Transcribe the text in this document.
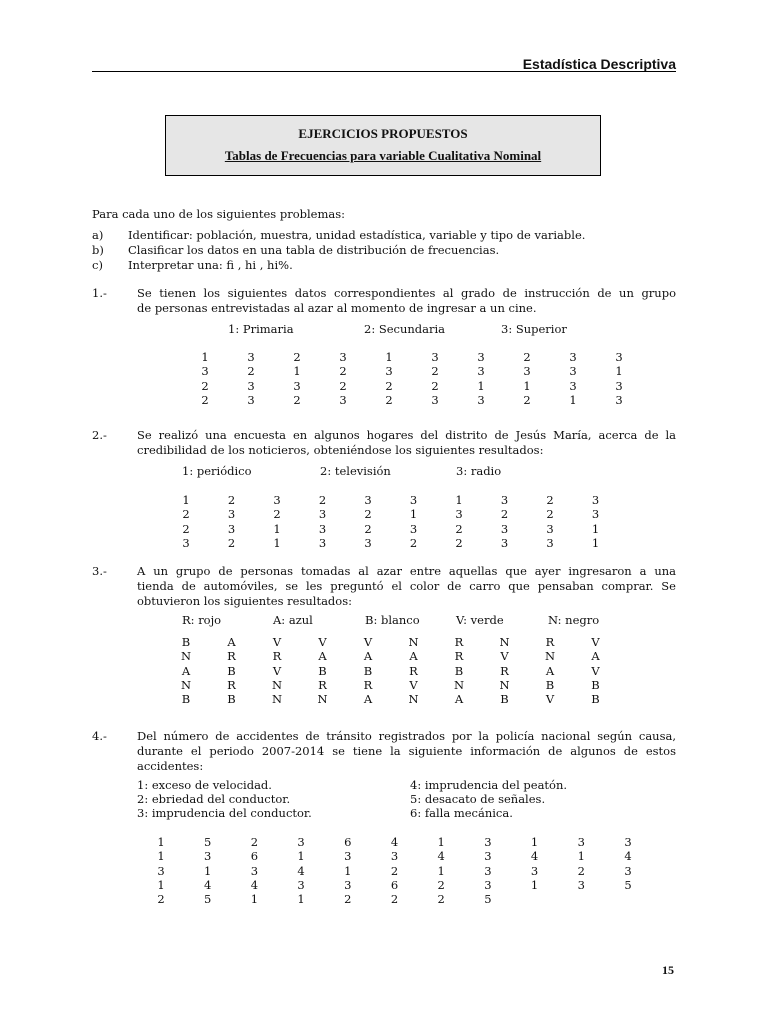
Estadística Descriptiva
EJERCICIOS PROPUESTOS
Tablas de Frecuencias para variable Cualitativa Nominal
Para cada uno de los siguientes problemas:
a) Identificar: población, muestra, unidad estadística, variable y tipo de variable.
b) Clasificar los datos en una tabla de distribución de frecuencias.
c) Interpretar una: fi , hi , hi%.
1.-	Se tienen los siguientes datos correspondientes al grado de instrucción de un grupo
de personas entrevistadas al azar al momento de ingresar a un cine.
1: Primaria	2: Secundaria	3: Superior
1	3	2	3	1	3	3	2	3	3
3	2	1	2	3	2	3	3	3	1
2	3	3	2	2	2	1	1	3	3
2	3	2	3	2	3	3	2	1	3
2.-	Se realizó una encuesta en algunos hogares del distrito de Jesús María, acerca de la
credibilidad de los noticieros, obteniéndose los siguientes resultados:
1: periódico	2: televisión	3: radio
1	2	3	2	3	3	1	3	2	3
2	3	2	3	2	1	3	2	2	3
2	3	1	3	2	3	2	3	3	1
3	2	1	3	3	2	2	3	3	1
3.-	A un grupo de personas tomadas al azar entre aquellas que ayer ingresaron a una
tienda de automóviles, se les preguntó el color de carro que pensaban comprar. Se
obtuvieron los siguientes resultados:
R: rojo	A: azul	B: blanco	V: verde	N: negro
B	A	V	V	V	N	R	N	R	V
N	R	R	A	A	A	R	V	N	A
A	B	V	B	B	R	B	R	A	V
N	R	N	R	R	V	N	N	B	B
B	B	N	N	A	N	A	B	V	B
4.-	Del número de accidentes de tránsito registrados por la policía nacional según causa,
durante el periodo 2007-2014 se tiene la siguiente información de algunos de estos
accidentes:
1: exceso de velocidad.
2: ebriedad del conductor.
3: imprudencia del conductor.
4: imprudencia del peatón.
5: desacato de señales.
6: falla mecánica.
1	5	2	3	6	4	1	3	1	3	3
1	3	6	1	3	3	4	3	4	1	4
3	1	3	4	1	2	1	3	3	2	3
1	4	4	3	3	6	2	3	1	3	5
2	5	1	1	2	2	2	5
15
